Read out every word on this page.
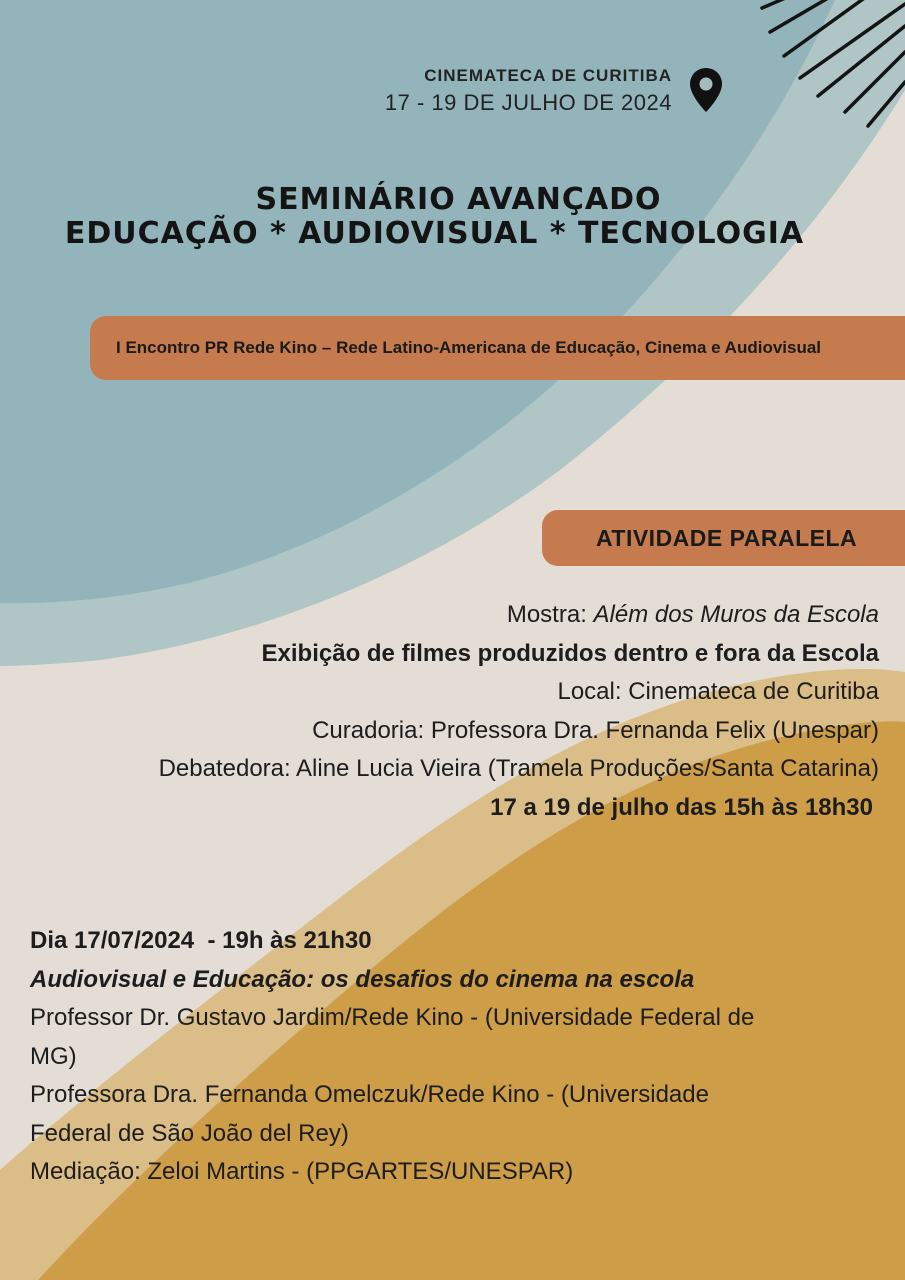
CINEMATECA DE CURITIBA
17 - 19 DE JULHO DE 2024
SEMINÁRIO AVANÇADO
EDUCAÇÃO * AUDIOVISUAL * TECNOLOGIA
I Encontro PR Rede Kino – Rede Latino-Americana de Educação, Cinema e Audiovisual
ATIVIDADE PARALELA
Mostra: Além dos Muros da Escola
Exibição de filmes produzidos dentro e fora da Escola
Local: Cinemateca de Curitiba
Curadoria: Professora Dra. Fernanda Felix (Unespar)
Debatedora: Aline Lucia Vieira (Tramela Produções/Santa Catarina)
17 a 19 de julho das 15h às 18h30
Dia 17/07/2024  - 19h às 21h30
Audiovisual e Educação: os desafios do cinema na escola
Professor Dr. Gustavo Jardim/Rede Kino - (Universidade Federal de
MG)
Professora Dra. Fernanda Omelczuk/Rede Kino - (Universidade
Federal de São João del Rey)
Mediação: Zeloi Martins - (PPGARTES/UNESPAR)
